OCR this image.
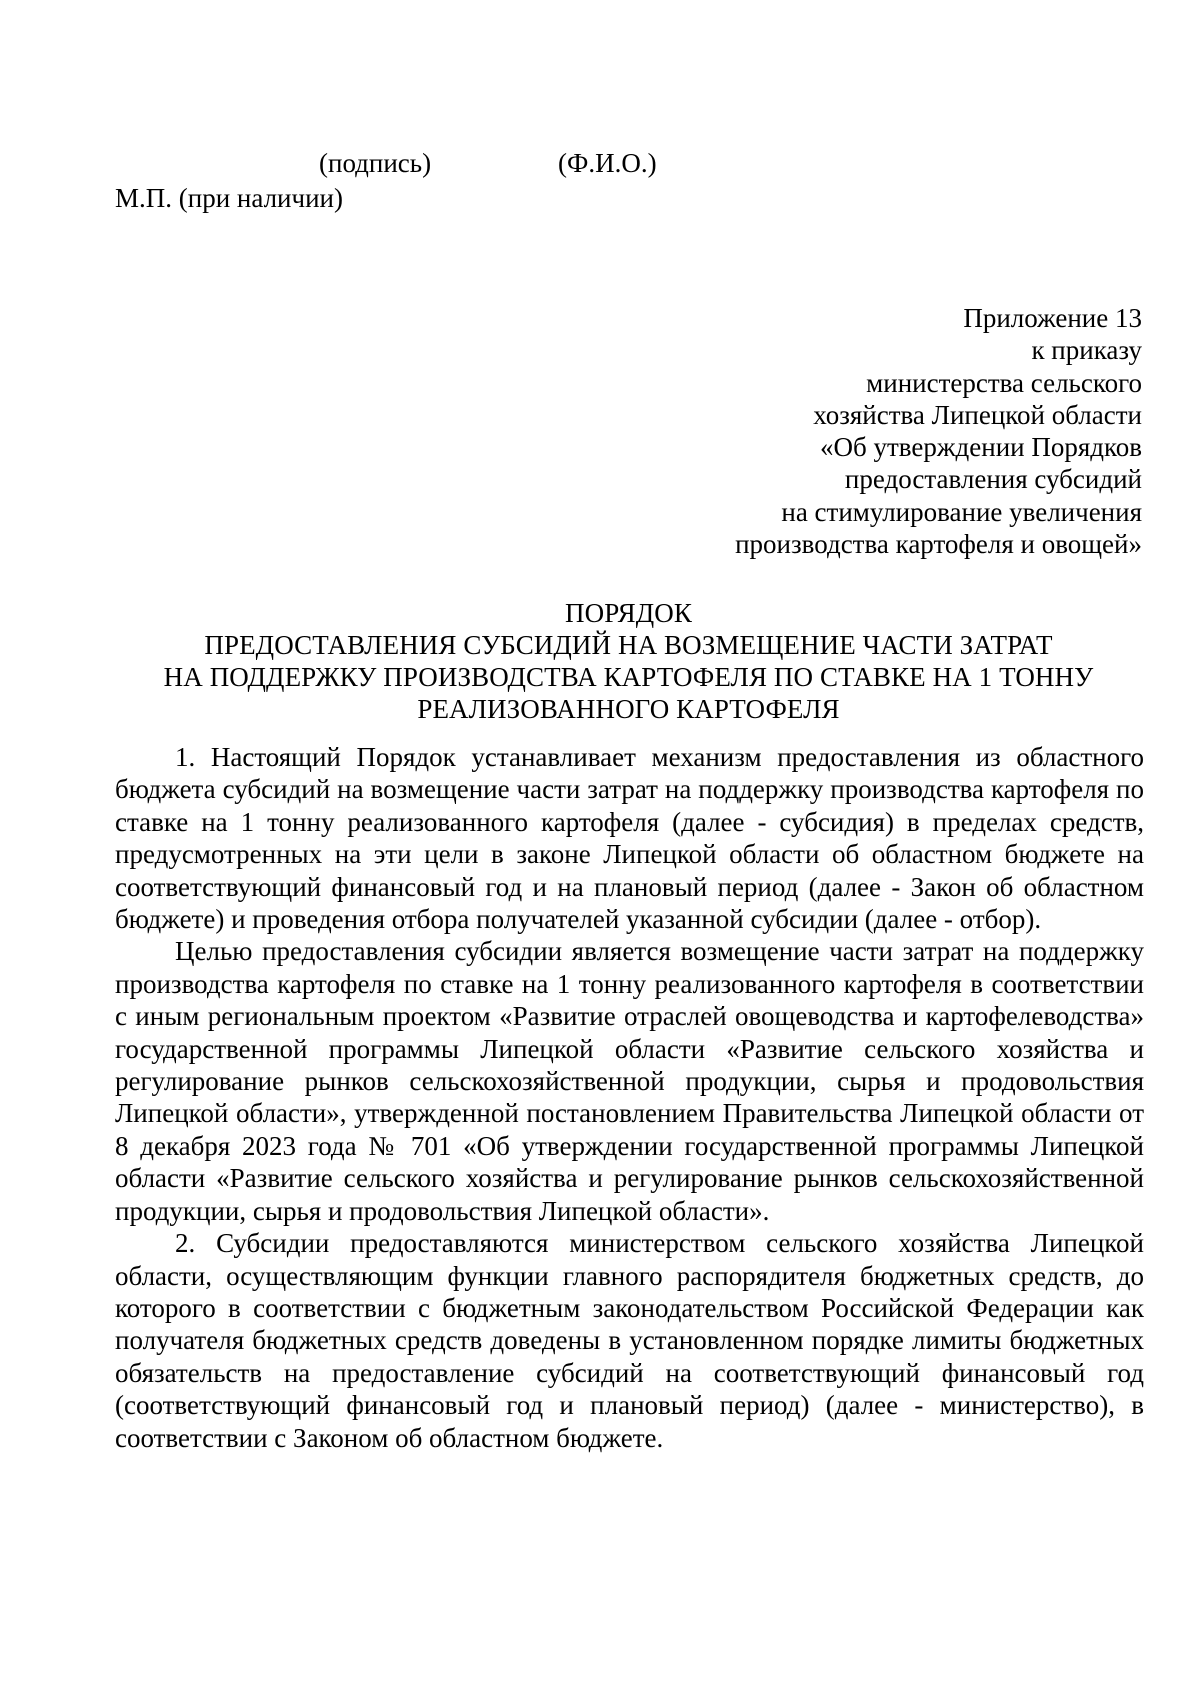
(подпись)	(Ф.И.О.)
М.П. (при наличии)
Приложение 13
к приказу
министерства сельского
хозяйства Липецкой области
«Об утверждении Порядков
предоставления субсидий
на стимулирование увеличения
производства картофеля и овощей»
ПОРЯДОК
ПРЕДОСТАВЛЕНИЯ СУБСИДИЙ НА ВОЗМЕЩЕНИЕ ЧАСТИ ЗАТРАТ
НА ПОДДЕРЖКУ ПРОИЗВОДСТВА КАРТОФЕЛЯ ПО СТАВКЕ НА 1 ТОННУ
РЕАЛИЗОВАННОГО КАРТОФЕЛЯ

1. Настоящий Порядок устанавливает механизм предоставления из областного бюджета субсидий на возмещение части затрат на поддержку производства картофеля по ставке на 1 тонну реализованного картофеля (далее - субсидия) в пределах средств, предусмотренных на эти цели в законе Липецкой области об областном бюджете на соответствующий финансовый год и на плановый период (далее - Закон об областном бюджете) и проведения отбора получателей указанной субсидии (далее - отбор).

Целью предоставления субсидии является возмещение части затрат на поддержку производства картофеля по ставке на 1 тонну реализованного картофеля в соответствии с иным региональным проектом «Развитие отраслей овощеводства и картофелеводства» государственной программы Липецкой области «Развитие сельского хозяйства и регулирование рынков сельскохозяйственной продукции, сырья и продовольствия Липецкой области», утвержденной постановлением Правительства Липецкой области от 8 декабря 2023 года № 701 «Об утверждении государственной программы Липецкой области «Развитие сельского хозяйства и регулирование рынков сельскохозяйственной продукции, сырья и продовольствия Липецкой области».

2. Субсидии предоставляются министерством сельского хозяйства Липецкой области, осуществляющим функции главного распорядителя бюджетных средств, до которого в соответствии с бюджетным законодательством Российской Федерации как получателя бюджетных средств доведены в установленном порядке лимиты бюджетных обязательств на предоставление субсидий на соответствующий финансовый год (соответствующий финансовый год и плановый период) (далее - министерство), в соответствии с Законом об областном бюджете.
